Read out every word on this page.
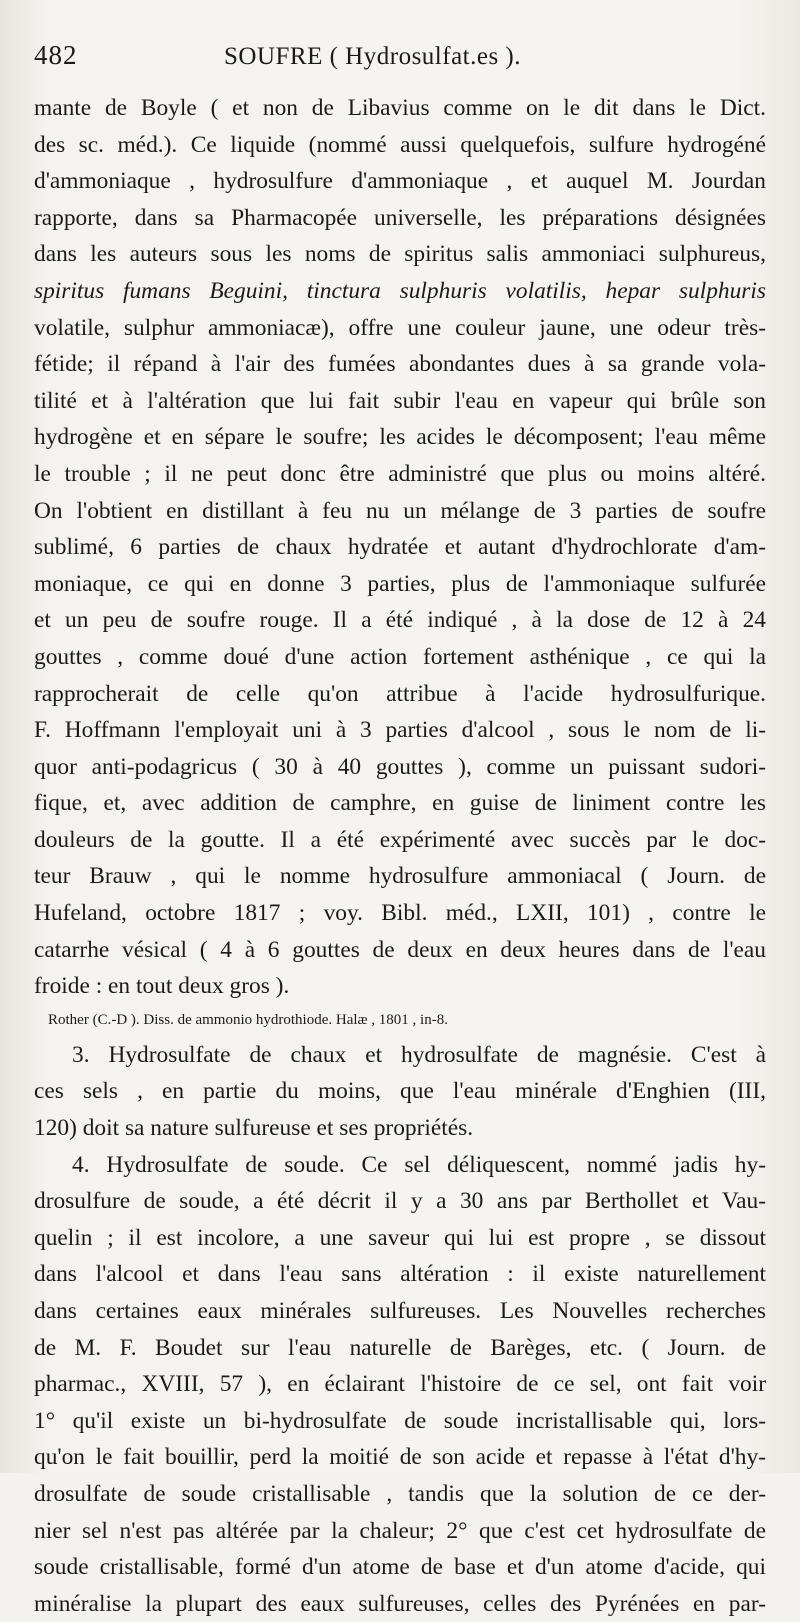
482	SOUFRE ( Hydrosulfat.es ).
mante de Boyle ( et non de Libavius comme on le dit dans le Dict.
des sc. méd.). Ce liquide (nommé aussi quelquefois, sulfure hydrogéné
d'ammoniaque , hydrosulfure d'ammoniaque , et auquel M. Jourdan
rapporte, dans sa Pharmacopée universelle, les préparations désignées
dans les auteurs sous les noms de spiritus salis ammoniaci sulphureus,
spiritus fumans Beguini, tinctura sulphuris volatilis, hepar sulphuris
volatile, sulphur ammoniacæ), offre une couleur jaune, une odeur très-
fétide; il répand à l'air des fumées abondantes dues à sa grande vola-
tilité et à l'altération que lui fait subir l'eau en vapeur qui brûle son
hydrogène et en sépare le soufre; les acides le décomposent; l'eau même
le trouble ; il ne peut donc être administré que plus ou moins altéré.
On l'obtient en distillant à feu nu un mélange de 3 parties de soufre
sublimé, 6 parties de chaux hydratée et autant d'hydrochlorate d'am-
moniaque, ce qui en donne 3 parties, plus de l'ammoniaque sulfurée
et un peu de soufre rouge. Il a été indiqué , à la dose de 12 à 24
gouttes , comme doué d'une action fortement asthénique , ce qui la
rapprocherait de celle qu'on attribue à l'acide hydrosulfurique.
F. Hoffmann l'employait uni à 3 parties d'alcool , sous le nom de li-
quor anti-podagricus ( 30 à 40 gouttes ), comme un puissant sudori-
fique, et, avec addition de camphre, en guise de liniment contre les
douleurs de la goutte. Il a été expérimenté avec succès par le doc-
teur Brauw , qui le nomme hydrosulfure ammoniacal ( Journ. de
Hufeland, octobre 1817 ; voy. Bibl. méd., LXII, 101) , contre le
catarrhe vésical ( 4 à 6 gouttes de deux en deux heures dans de l'eau
froide : en tout deux gros ).
Rother (C.-D ). Diss. de ammonio hydrothiode. Halæ , 1801 , in-8.
3. Hydrosulfate de chaux et hydrosulfate de magnésie. C'est à
ces sels , en partie du moins, que l'eau minérale d'Enghien (III,
120) doit sa nature sulfureuse et ses propriétés.
4. Hydrosulfate de soude. Ce sel déliquescent, nommé jadis hy-
drosulfure de soude, a été décrit il y a 30 ans par Berthollet et Vau-
quelin ; il est incolore, a une saveur qui lui est propre , se dissout
dans l'alcool et dans l'eau sans altération : il existe naturellement
dans certaines eaux minérales sulfureuses. Les Nouvelles recherches
de M. F. Boudet sur l'eau naturelle de Barèges, etc. ( Journ. de
pharmac., XVIII, 57 ), en éclairant l'histoire de ce sel, ont fait voir
1° qu'il existe un bi-hydrosulfate de soude incristallisable qui, lors-
qu'on le fait bouillir, perd la moitié de son acide et repasse à l'état d'hy-
drosulfate de soude cristallisable , tandis que la solution de ce der-
nier sel n'est pas altérée par la chaleur; 2° que c'est cet hydrosulfate de
soude cristallisable, formé d'un atome de base et d'un atome d'acide, qui
minéralise la plupart des eaux sulfureuses, celles des Pyrénées en par-
